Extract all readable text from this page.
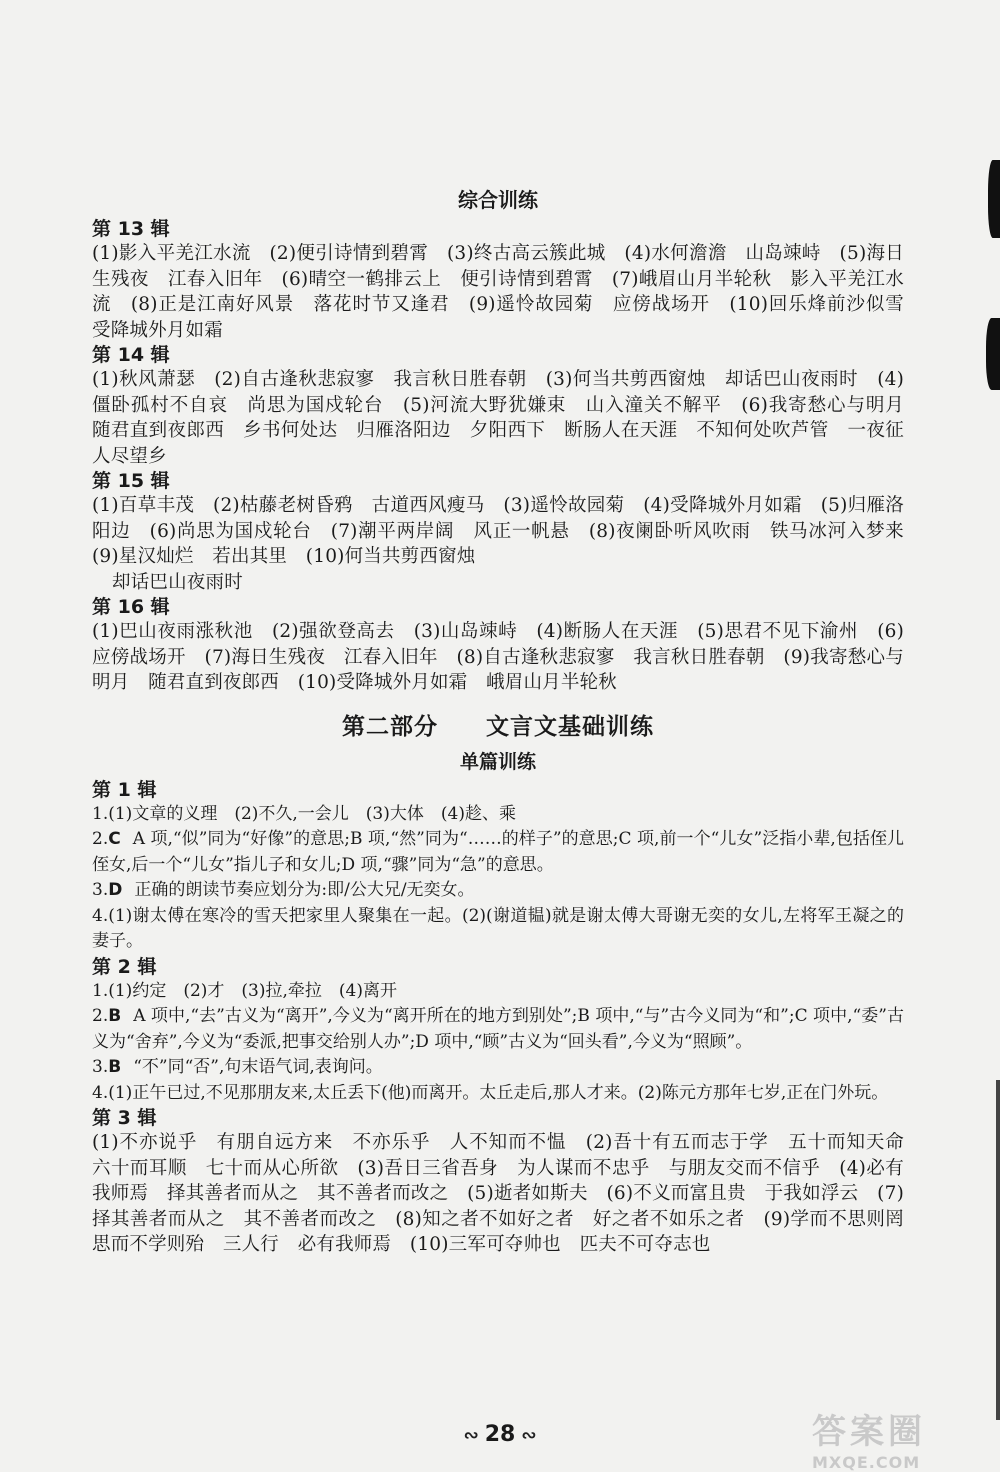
综合训练
第 13 辑
(1)影入平羌江水流　(2)便引诗情到碧霄　(3)终古高云簇此城　(4)水何澹澹　山岛竦峙　(5)海日生残夜　江春入旧年　(6)晴空一鹤排云上　便引诗情到碧霄　(7)峨眉山月半轮秋　影入平羌江水流　(8)正是江南好风景　落花时节又逢君　(9)遥怜故园菊　应傍战场开　(10)回乐烽前沙似雪　受降城外月如霜
第 14 辑
(1)秋风萧瑟　(2)自古逢秋悲寂寥　我言秋日胜春朝　(3)何当共剪西窗烛　却话巴山夜雨时　(4)僵卧孤村不自哀　尚思为国戍轮台　(5)河流大野犹嫌束　山入潼关不解平　(6)我寄愁心与明月　随君直到夜郎西　乡书何处达　归雁洛阳边　夕阳西下　断肠人在天涯　不知何处吹芦管　一夜征人尽望乡
第 15 辑
(1)百草丰茂　(2)枯藤老树昏鸦　古道西风瘦马　(3)遥怜故园菊　(4)受降城外月如霜　(5)归雁洛阳边　(6)尚思为国戍轮台　(7)潮平两岸阔　风正一帆悬　(8)夜阑卧听风吹雨　铁马冰河入梦来　(9)星汉灿烂　若出其里　(10)何当共剪西窗烛
却话巴山夜雨时
第 16 辑
(1)巴山夜雨涨秋池　(2)强欲登高去　(3)山岛竦峙　(4)断肠人在天涯　(5)思君不见下渝州　(6)应傍战场开　(7)海日生残夜　江春入旧年　(8)自古逢秋悲寂寥　我言秋日胜春朝　(9)我寄愁心与明月　随君直到夜郎西　(10)受降城外月如霜　峨眉山月半轮秋
第二部分   文言文基础训练
单篇训练
第 1 辑
1.(1)文章的义理　(2)不久,一会儿　(3)大体　(4)趁、乘
2.C A 项,“似”同为“好像”的意思;B 项,“然”同为“……的样子”的意思;C 项,前一个“儿女”泛指小辈,包括侄儿侄女,后一个“儿女”指儿子和女儿;D 项,“骤”同为“急”的意思。
3.D 正确的朗读节奏应划分为:即/公大兄/无奕女。
4.(1)谢太傅在寒冷的雪天把家里人聚集在一起。(2)(谢道韫)就是谢太傅大哥谢无奕的女儿,左将军王凝之的妻子。
第 2 辑
1.(1)约定　(2)才　(3)拉,牵拉　(4)离开
2.B A 项中,“去”古义为“离开”,今义为“离开所在的地方到别处”;B 项中,“与”古今义同为“和”;C 项中,“委”古义为“舍弃”,今义为“委派,把事交给别人办”;D 项中,“顾”古义为“回头看”,今义为“照顾”。
3.B “不”同“否”,句末语气词,表询问。
4.(1)正午已过,不见那朋友来,太丘丢下(他)而离开。太丘走后,那人才来。(2)陈元方那年七岁,正在门外玩。
第 3 辑
(1)不亦说乎　有朋自远方来　不亦乐乎　人不知而不愠　(2)吾十有五而志于学　五十而知天命　六十而耳顺　七十而从心所欲　(3)吾日三省吾身　为人谋而不忠乎　与朋友交而不信乎　(4)必有我师焉　择其善者而从之　其不善者而改之　(5)逝者如斯夫　(6)不义而富且贵　于我如浮云　(7)择其善者而从之　其不善者而改之　(8)知之者不如好之者　好之者不如乐之者　(9)学而不思则罔　思而不学则殆　三人行　必有我师焉　(10)三军可夺帅也　匹夫不可夺志也
∾ 28 ∾	答案圈
MXQE.COM
